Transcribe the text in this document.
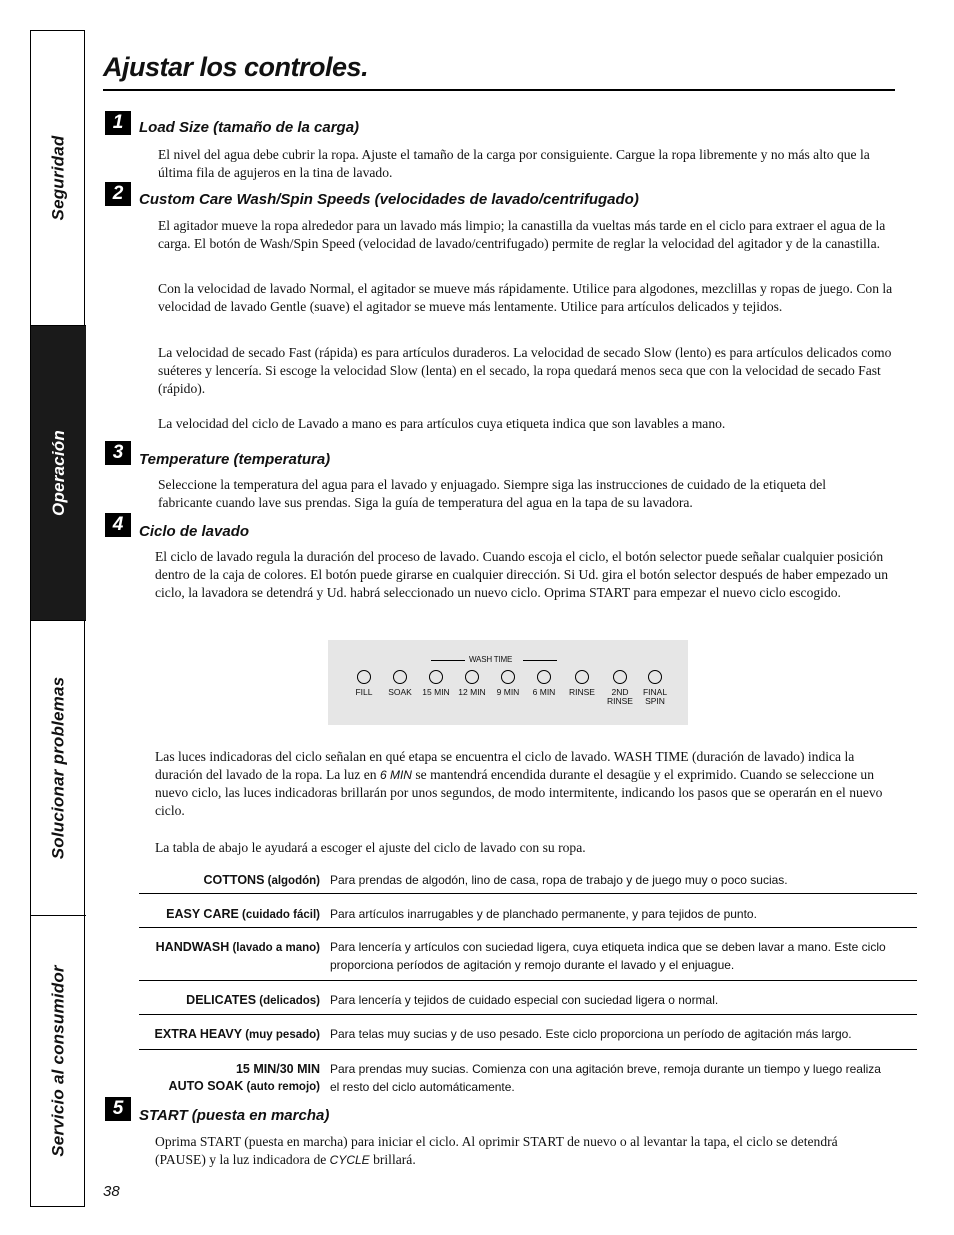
Seguridad
Operación
Solucionar problemas
Servicio al consumidor
Ajustar los controles.
1	Load Size (tamaño de la carga)

El nivel del agua debe cubrir la ropa. Ajuste el tamaño de la carga por consiguiente. Cargue la ropa libremente y no más alto que la última fila de agujeros en la tina de lavado.

2	Custom Care Wash/Spin Speeds (velocidades de lavado/centrifugado)

El agitador mueve la ropa alrededor para un lavado más limpio; la canastilla da vueltas más tarde en el ciclo para extraer el agua de la carga. El botón de Wash/Spin Speed (velocidad de lavado/centrifugado) permite de reglar la velocidad del agitador y de la canastilla.

Con la velocidad de lavado Normal, el agitador se mueve más rápidamente. Utilice para algodones, mezclillas y ropas de juego. Con la velocidad de lavado Gentle (suave) el agitador se mueve más lentamente. Utilice para artículos delicados y tejidos.

La velocidad de secado Fast (rápida) es para artículos duraderos. La velocidad de secado Slow (lento) es para artículos delicados como suéteres y lencería. Si escoge la velocidad Slow (lenta) en el secado, la ropa quedará menos seca que con la velocidad de secado Fast (rápido).

La velocidad del ciclo de Lavado a mano es para artículos cuya etiqueta indica que son lavables a mano.

3	Temperature (temperatura)

Seleccione la temperatura del agua para el lavado y enjuagado. Siempre siga las instrucciones de cuidado de la etiqueta del fabricante cuando lave sus prendas. Siga la guía de temperatura del agua en la tapa de su lavadora.

4	Ciclo de lavado

El ciclo de lavado regula la duración del proceso de lavado. Cuando escoja el ciclo, el botón selector puede señalar cualquier posición dentro de la caja de colores. El botón puede girarse en cualquier dirección. Si Ud. gira el botón selector después de haber empezado un ciclo, la lavadora se detendrá y Ud. habrá seleccionado un nuevo ciclo. Oprima START para empezar el nuevo ciclo escogido.

WASH TIME
FILL	SOAK	15 MIN	12 MIN	9 MIN	6 MIN	RINSE	2ND
RINSE
FINAL
SPIN

Las luces indicadoras del ciclo señalan en qué etapa se encuentra el ciclo de lavado. WASH TIME (duración de lavado) indica la duración del lavado de la ropa. La luz en 6 MIN se mantendrá encendida durante el desagüe y el exprimido. Cuando se seleccione un nuevo ciclo, las luces indicadoras brillarán por unos segundos, de modo intermitente, indicando los pasos que se operarán en el nuevo ciclo.

La tabla de abajo le ayudará a escoger el ajuste del ciclo de lavado con su ropa.

COTTONS (algodón) Para prendas de algodón, lino de casa, ropa de trabajo y de juego muy o poco sucias.
EASY CARE (cuidado fácil) Para artículos inarrugables y de planchado permanente, y para tejidos de punto.
HANDWASH (lavado a mano) Para lencería y artículos con suciedad ligera, cuya etiqueta indica que se deben lavar a mano. Este ciclo proporciona períodos de agitación y remojo durante el lavado y el enjuague.
DELICATES (delicados) Para lencería y tejidos de cuidado especial con suciedad ligera o normal.
EXTRA HEAVY (muy pesado) Para telas muy sucias y de uso pesado. Este ciclo proporciona un período de agitación más largo.
15 MIN/30 MIN
AUTO SOAK (auto remojo)
Para prendas muy sucias. Comienza con una agitación breve, remoja durante un tiempo y luego realiza el resto del ciclo automáticamente.
5	START (puesta en marcha)

Oprima START (puesta en marcha) para iniciar el ciclo. Al oprimir START de nuevo o al levantar la tapa, el ciclo se detendrá (PAUSE) y la luz indicadora de CYCLE brillará.

38
